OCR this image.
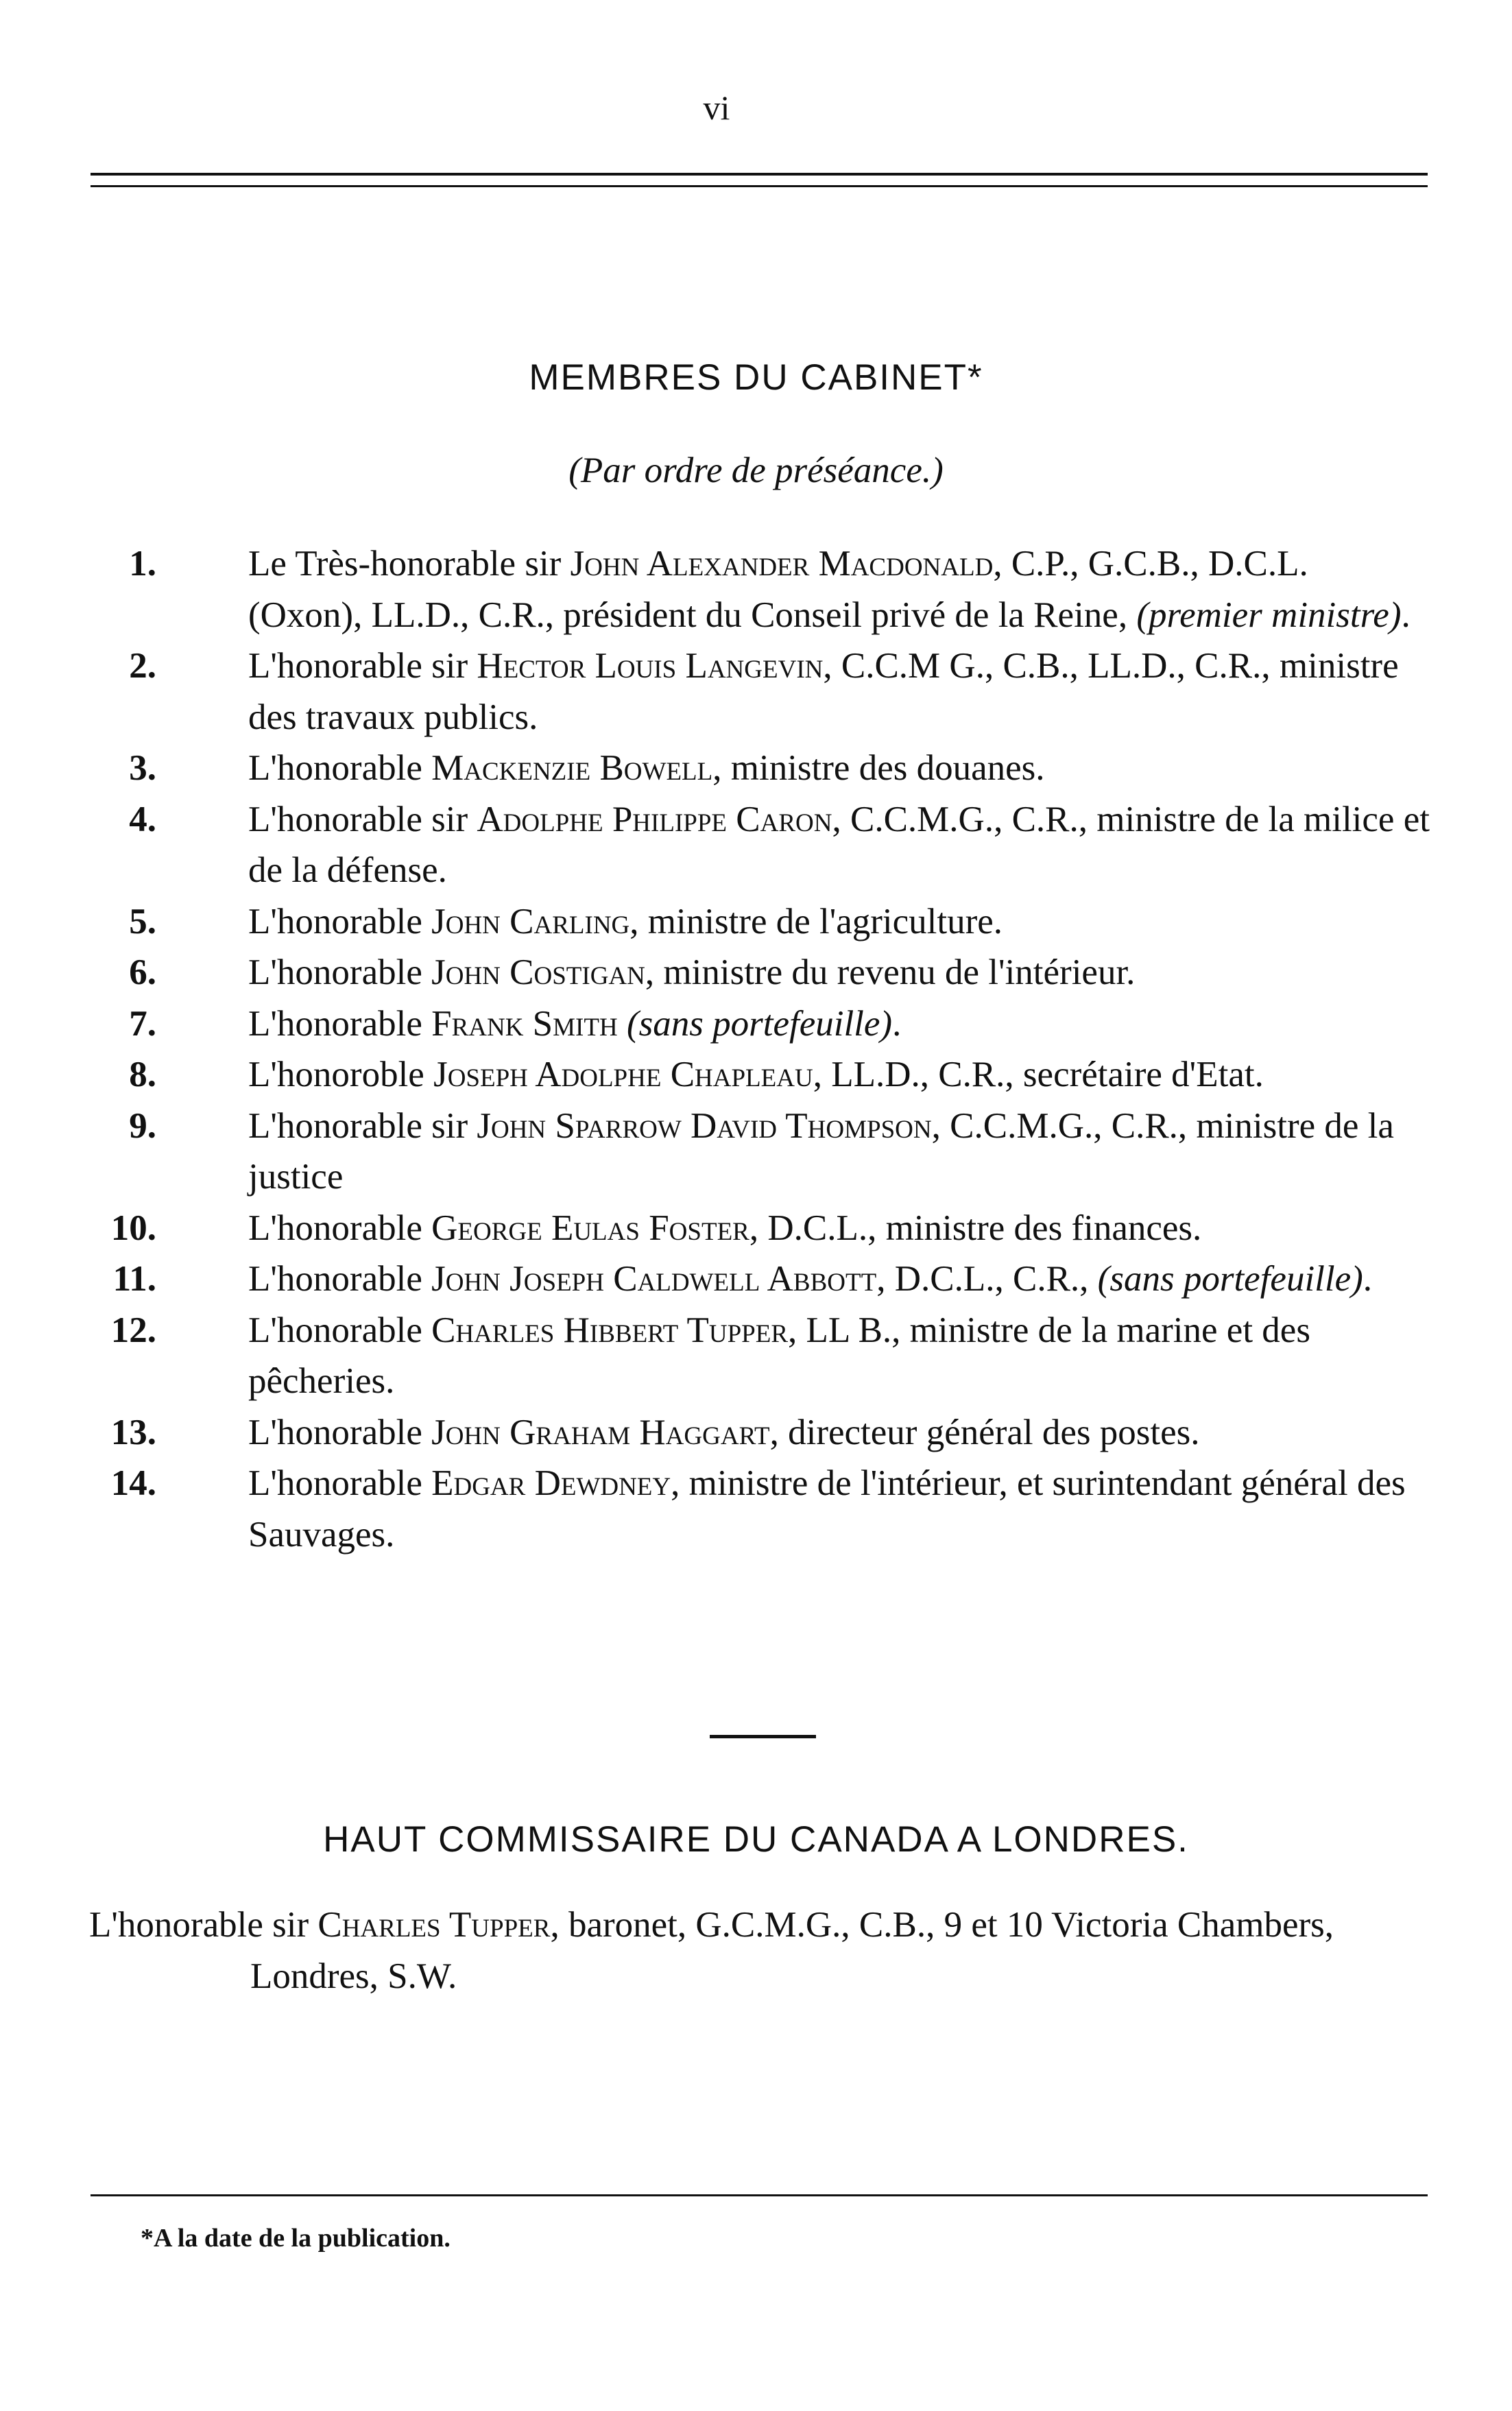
vi
MEMBRES DU CABINET*
(Par ordre de préséance.)
1.	Le Très-honorable sir John Alexander Macdonald, C.P., G.C.B., D.C.L. (Oxon), LL.D., C.R., président du Conseil privé de la Reine, (premier ministre).
2.	L'honorable sir Hector Louis Langevin, C.C.M G., C.B., LL.D., C.R., ministre des travaux publics.
3.	L'honorable Mackenzie Bowell, ministre des douanes.
4.	L'honorable sir Adolphe Philippe Caron, C.C.M.G., C.R., ministre de la milice et de la défense.
5.	L'honorable John Carling, ministre de l'agriculture.
6.	L'honorable John Costigan, ministre du revenu de l'intérieur.
7.	L'honorable Frank Smith (sans portefeuille).
8.	L'honoroble Joseph Adolphe Chapleau, LL.D., C.R., secrétaire d'Etat.
9.	L'honorable sir John Sparrow David Thompson, C.C.M.G., C.R., ministre de la justice
10.	L'honorable George Eulas Foster, D.C.L., ministre des finances.
11.	L'honorable John Joseph Caldwell Abbott, D.C.L., C.R., (sans portefeuille).
12.	L'honorable Charles Hibbert Tupper, LL B., ministre de la marine et des pêcheries.
13.	L'honorable John Graham Haggart, directeur général des postes.
14.	L'honorable Edgar Dewdney, ministre de l'intérieur, et surintendant général des Sauvages.
HAUT COMMISSAIRE DU CANADA A LONDRES.
L'honorable sir Charles Tupper, baronet, G.C.M.G., C.B., 9 et 10 Victoria Chambers, Londres, S.W.
*A la date de la publication.
